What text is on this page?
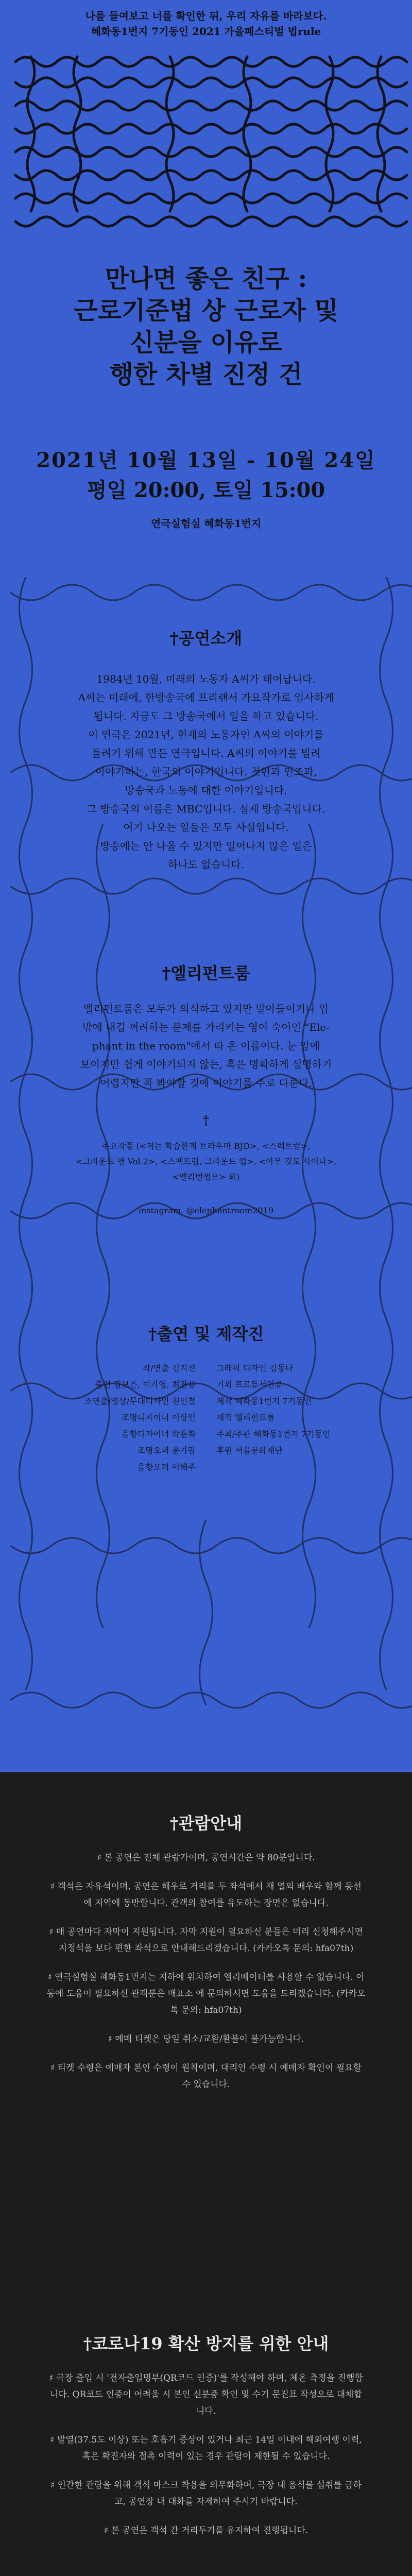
나를 들여보고 너를 확인한 뒤, 우리 자유를 바라보다.
혜화동1번지 7기동인 2021 가을페스티벌 법rule
만나면 좋은 친구 :
근로기준법 상 근로자 및
신분을 이유로
행한 차별 진정 건
2021년 10월 13일 - 10월 24일
평일 20:00, 토일 15:00
연극실험실 혜화동1번지
†공연소개
1984년 10월, 미래의 노동자 A씨가 태어납니다.
A씨는 미래에, 한방송국에 프리랜서 가요작가로 입사하게
됩니다. 지금도 그 방송국에서 일을 하고 있습니다.
이 연극은 2021년, 현재의 노동자인 A씨의 이야기를
들려기 위해 만든 연극입니다. A씨의 이야기를 빌려
이야기하는, 한국의 이야기입니다. 첫편과 인조과,
방송국과 노동에 대한 이야기입니다.
그 방송국의 이름은 MBC입니다. 실제 방송국입니다.
여기 나오는 일들은 모두 사실입니다.
방송에는 안 나올 수 있지만 일어나지 않은 일은
하나도 없습니다.
†엘리펀트룸
엘리펀트룸은 모두가 의식하고 있지만 말아들이거나 입
밖에 내길 꺼려하는 문제를 가리키는 영어 숙어인 "Ele-
phant in the room"에서 따 온 이름이다. 눈 앞에
보이지만 쉽게 이야기되지 않는, 혹은 명확하게 설명하기
어렵지만 꼭 봐야할 것에 이야기를 주로 다룬다.
†
주요작품 (<저는 학습한계 트라우마 BJD>, <스펙트럼>,
<그라운드 앤 Vol.2>, <스펙트럼, 그라운드 업>, <아무 것도 사이다>,
<엘리번쩡모> 외)
instagram. @elephantroom2019
†출연 및 제작진
작/연출 김지선
출연 김보은, 이가영, 최관용
조연출/영상/무대디자인 천인철
조명디자이너 이상인
음향디자이너 박훈희
조명오퍼 윤가람
음향오퍼 이해주
그래픽 디자인 김동나
기획 프로듀서인류
제작 혜화동1번지 7기동인
제작 엘리펀트룸
주최/주관 혜화동1번지 7기동인
후원 서울문화재단
†관람안내
♯ 본 공연은 전체 관람가이며, 공연시간은 약 80분입니다.
♯ 객석은 자유석이며, 공연은 해우로 거리를 두 좌석에서 재 열외 배우와 함께 동선에 지역에 동반합니다. 관객의 참여를 유도하는 장면은 없습니다.
♯ 매 공연마다 자막이 지원됩니다. 자막 지원이 필요하신 분들은 미리 신청해주시면 지정석을 보다 편한 좌석으로 안내해드리겠습니다. (카카오톡 문의: hfa07th)
♯ 연극실험실 혜화동1번지는 지하에 위치하여 엘리베이터를 사용할 수 없습니다. 이동에 도움이 필요하신 관객분은 매표소 에 문의하시면 도움을 드리겠습니다. (카카오톡 문의: hfa07th)
♯ 예매 티켓은 당일 취소/교환/환불이 불가능합니다.
♯ 티켓 수령은 예매자 본인 수령이 원칙이며, 대리인 수령 시 예매자 확인이 필요할 수 있습니다.
†코로나19 확산 방지를 위한 안내
♯ 극장 출입 시 '전자출입명부(QR코드 인증)'를 작성해야 하며, 체온 측정을 진행합니다. QR코드 인증이 어려울 시 본인 신분증 확인 및 수기 문진표 작성으로 대체합니다.
♯ 발열(37.5도 이상) 또는 호흡기 증상이 있거나 최근 14일 이내에 해외여행 이력, 혹은 확진자와 접촉 이력이 있는 경우 관람이 제한될 수 있습니다.
♯ 인간한 관람을 위해 객석 마스크 착용을 의무화하며, 극장 내 음식물 섭취를 금하고, 공연장 내 대화를 자제하여 주시기 바랍니다.
♯ 본 공연은 객석 간 거리두기를 유지하여 진행됩니다.
